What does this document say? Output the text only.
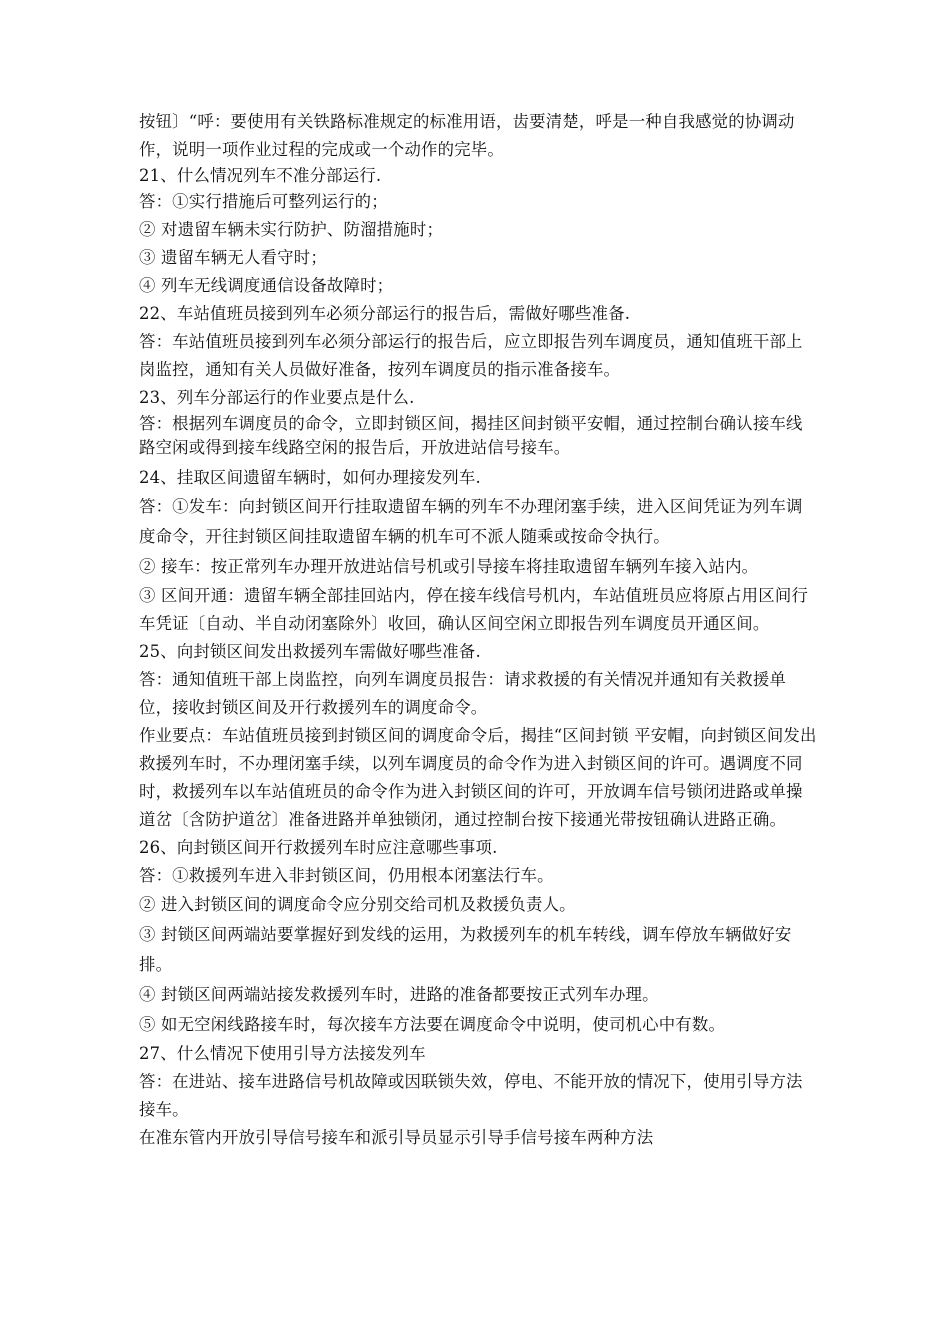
按钮〕“呼：要使用有关铁路标准规定的标准用语，齿要清楚，呼是一种自我感觉的协调动作，说明一项作业过程的完成或一个动作的完毕。

21、什么情况列车不准分部运行.

答：①实行措施后可整列运行的；

② 对遗留车辆未实行防护、防溜措施时；

③ 遗留车辆无人看守时；

④ 列车无线调度通信设备故障时；

22、车站值班员接到列车必须分部运行的报告后，需做好哪些准备.

答：车站值班员接到列车必须分部运行的报告后，应立即报告列车调度员，通知值班干部上岗监控，通知有关人员做好准备，按列车调度员的指示准备接车。

23、列车分部运行的作业要点是什么.

答：根据列车调度员的命令，立即封锁区间，揭挂区间封锁平安帽，通过控制台确认接车线路空闲或得到接车线路空闲的报告后，开放进站信号接车。

24、挂取区间遗留车辆时，如何办理接发列车.

答：①发车：向封锁区间开行挂取遗留车辆的列车不办理闭塞手续，进入区间凭证为列车调度命令，开往封锁区间挂取遗留车辆的机车可不派人随乘或按命令执行。

② 接车：按正常列车办理开放进站信号机或引导接车将挂取遗留车辆列车接入站内。

③ 区间开通：遗留车辆全部挂回站内，停在接车线信号机内，车站值班员应将原占用区间行车凭证〔自动、半自动闭塞除外〕收回，确认区间空闲立即报告列车调度员开通区间。

25、向封锁区间发出救援列车需做好哪些准备.

答：通知值班干部上岗监控，向列车调度员报告：请求救援的有关情况并通知有关救援单位，接收封锁区间及开行救援列车的调度命令。

作业要点：车站值班员接到封锁区间的调度命令后，揭挂“区间封锁 平安帽，向封锁区间发出救援列车时，不办理闭塞手续，以列车调度员的命令作为进入封锁区间的许可。遇调度不同时，救援列车以车站值班员的命令作为进入封锁区间的许可，开放调车信号锁闭进路或单操道岔〔含防护道岔〕准备进路并单独锁闭，通过控制台按下接通光带按钮确认进路正确。

26、向封锁区间开行救援列车时应注意哪些事项.

答：①救援列车进入非封锁区间，仍用根本闭塞法行车。

② 进入封锁区间的调度命令应分别交给司机及救援负责人。

③ 封锁区间两端站要掌握好到发线的运用，为救援列车的机车转线，调车停放车辆做好安排。

④ 封锁区间两端站接发救援列车时，进路的准备都要按正式列车办理。

⑤ 如无空闲线路接车时，每次接车方法要在调度命令中说明，使司机心中有数。

27、什么情况下使用引导方法接发列车

答：在进站、接车进路信号机故障或因联锁失效，停电、不能开放的情况下，使用引导方法接车。

在准东管内开放引导信号接车和派引导员显示引导手信号接车两种方法
